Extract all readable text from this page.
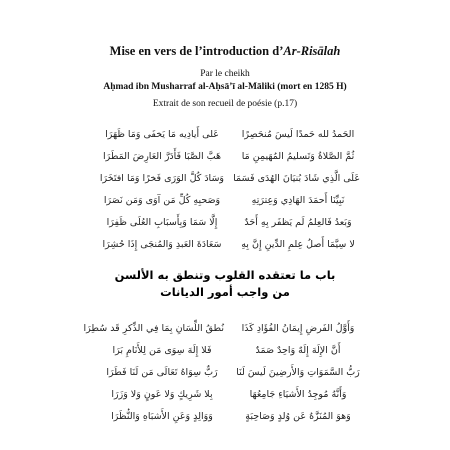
Mise en vers de l’introduction d’Ar-Risālah
Par le cheikh
Aḥmad ibn Musharraf al-Aḥsā’ī al-Māliki (mort en 1285 H)
Extrait de son recueil de poésie (p.17)
الحَمدُ لله حَمدًا لَيسَ مُنحَصِرًا
عَلى أَيادِيه مَا يَخفَى وَمَا ظَهَرَا
ثُمَّ الصَّلاةُ وَتَسليمُ المُهَيمِنِ مَا
هَبَّ الصَّبَا فَأَدَرَّ العَارِضَ المَطَرَا
عَلَى الَّذِي شَادَ بُنيَانَ الهُدَى فَسَمَا
وَسَادَ كُلَّ الوَرَى فَخرًا وَمَا افتَخَرَا
نَبِيِّنَا أَحمَدَ الهَادِي وَعِترَتِهِ
وَصَحبِهِ كُلِّ مَن آوَى وَمَن نَصَرَا
وَبَعدُ فَالعِلمُ لَم يَظفَر بِهِ أَحَدٌ
إِلَّا سَمَا وَبِأَسبَابِ العُلَى ظَفِرَا
لا سِيَّمَا أَصلُ عِلمِ الدِّينِ إِنَّ بِهِ
سَعَادَةَ العَبدِ وَالمُنجَى إِذَا حُشِرَا
باب ما تعتقده القلوب وتنطق به الألسن
من واجب أمور الديانات
وَأَوَّلُ الفَرضِ إِيمَانُ الفُؤَادِ كَذَا
نُطقُ اللِّسَانِ بِمَا فِي الذِّكرِ قَد سُطِرَا
أَنَّ الإِلَهَ إِلَهٌ وَاحِدٌ صَمَدٌ
فَلا إِلَهَ سِوَى مَن لِلأَنَامِ بَرَا
رَبُّ السَّمَوَاتِ وَالأَرضِينَ لَيسَ لَنَا
رَبٌّ سِوَاهُ تَعَالَى مَن لَنَا فَطَرَا
وَأَنَّهُ مُوجِدُ الأَشيَاءِ جَامِعُهَا
بِلا شَرِيكٍ وَلا عَونٍ وَلا وَزَرَا
وَهوَ المُنَزَّهُ عَن وُلدٍ وَصَاحِبَةٍ
وَوَالِدٍ وَعَنِ الأَشبَاهِ وَالنُّظَرَا
